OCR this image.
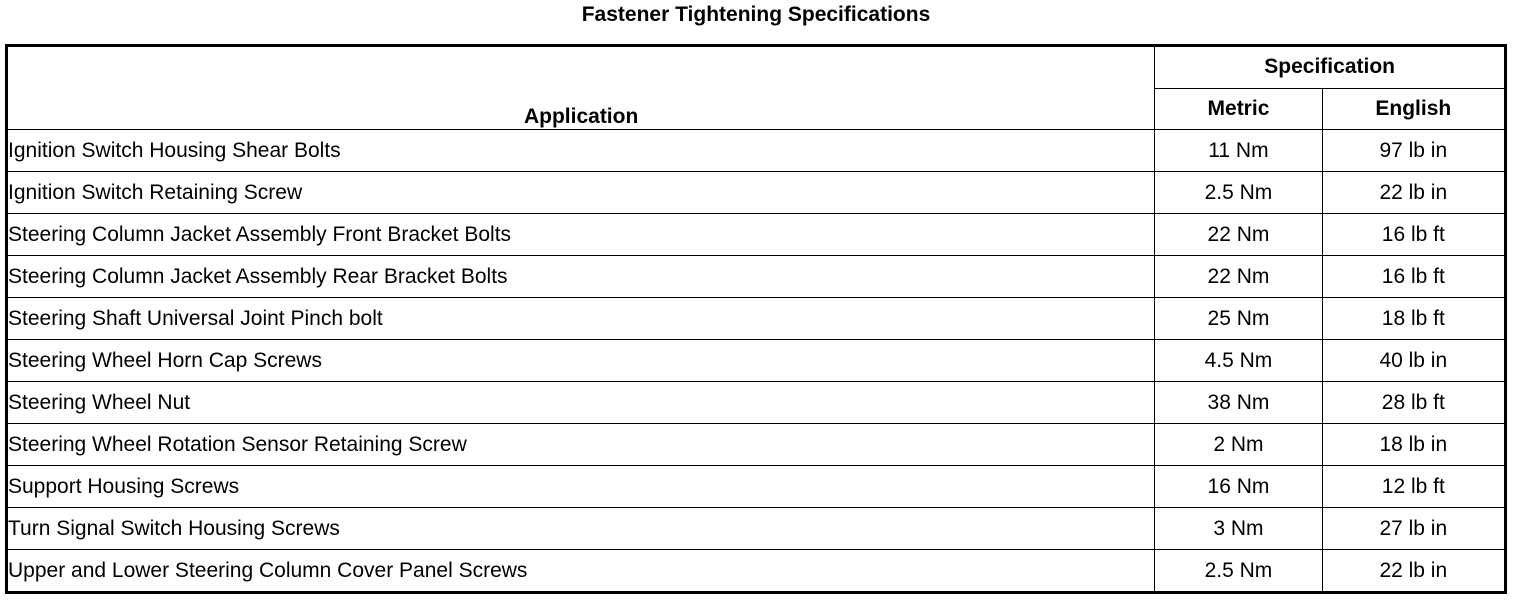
Fastener Tightening Specifications
Application	Specification	
	Metric	English
Ignition Switch Housing Shear Bolts	11 Nm	97 lb in
Ignition Switch Retaining Screw	2.5 Nm	22 lb in
Steering Column Jacket Assembly Front Bracket Bolts	22 Nm	16 lb ft
Steering Column Jacket Assembly Rear Bracket Bolts	22 Nm	16 lb ft
Steering Shaft Universal Joint Pinch bolt	25 Nm	18 lb ft
Steering Wheel Horn Cap Screws	4.5 Nm	40 lb in
Steering Wheel Nut	38 Nm	28 lb ft
Steering Wheel Rotation Sensor Retaining Screw	2 Nm	18 lb in
Support Housing Screws	16 Nm	12 lb ft
Turn Signal Switch Housing Screws	3 Nm	27 lb in
Upper and Lower Steering Column Cover Panel Screws	2.5 Nm	22 lb in
